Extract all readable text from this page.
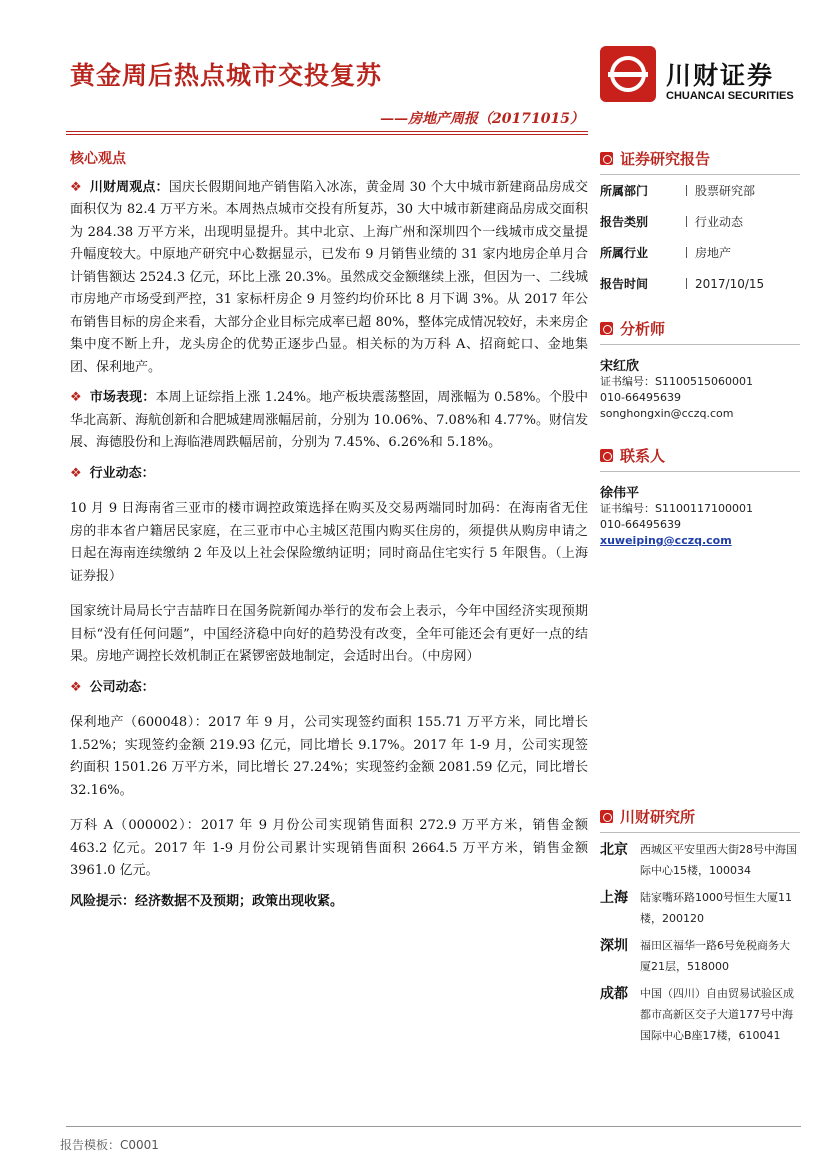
黄金周后热点城市交投复苏
——房地产周报（20171015）
川财证券
CHUANCAI SECURITIES
核心观点
❖ 川财周观点：国庆长假期间地产销售陷入冰冻，黄金周 30 个大中城市新建商品房成交面积仅为 82.4 万平方米。本周热点城市交投有所复苏，30 大中城市新建商品房成交面积为 284.38 万平方米，出现明显提升。其中北京、上海广州和深圳四个一线城市成交量提升幅度较大。中原地产研究中心数据显示，已发布 9 月销售业绩的 31 家内地房企单月合计销售额达 2524.3 亿元，环比上涨 20.3%。虽然成交金额继续上涨，但因为一、二线城市房地产市场受到严控，31 家标杆房企 9 月签约均价环比 8 月下调 3%。从 2017 年公布销售目标的房企来看，大部分企业目标完成率已超 80%，整体完成情况较好，未来房企集中度不断上升，龙头房企的优势正逐步凸显。相关标的为万科 A、招商蛇口、金地集团、保利地产。
❖ 市场表现：本周上证综指上涨 1.24%。地产板块震荡整固，周涨幅为 0.58%。个股中华北高新、海航创新和合肥城建周涨幅居前，分别为 10.06%、7.08%和 4.77%。财信发展、海德股份和上海临港周跌幅居前，分别为 7.45%、6.26%和 5.18%。
❖ 行业动态：
10 月 9 日海南省三亚市的楼市调控政策选择在购买及交易两端同时加码：在海南省无住房的非本省户籍居民家庭，在三亚市中心主城区范围内购买住房的，须提供从购房申请之日起在海南连续缴纳 2 年及以上社会保险缴纳证明；同时商品住宅实行 5 年限售。（上海证券报）
国家统计局局长宁吉喆昨日在国务院新闻办举行的发布会上表示，今年中国经济实现预期目标“没有任何问题”，中国经济稳中向好的趋势没有改变，全年可能还会有更好一点的结果。房地产调控长效机制正在紧锣密鼓地制定，会适时出台。（中房网）
❖ 公司动态：
保利地产（600048）：2017 年 9 月，公司实现签约面积 155.71 万平方米，同比增长 1.52%；实现签约金额 219.93 亿元，同比增长 9.17%。2017 年 1-9 月，公司实现签约面积 1501.26 万平方米，同比增长 27.24%；实现签约金额 2081.59 亿元，同比增长 32.16%。
万科 A（000002）：2017 年 9 月份公司实现销售面积 272.9 万平方米，销售金额 463.2 亿元。2017 年 1-9 月份公司累计实现销售面积 2664.5 万平方米，销售金额 3961.0 亿元。
风险提示：经济数据不及预期；政策出现收紧。
证券研究报告
所属部门	股票研究部
报告类别	行业动态
所属行业	房地产
报告时间	2017/10/15
分析师
宋红欣
证书编号：S1100515060001
010-66495639
songhongxin@cczq.com
联系人
徐伟平
证书编号：S1100117100001
010-66495639
xuweiping@cczq.com
川财研究所
北京	西城区平安里西大街28号中海国际中心15楼，100034
上海	陆家嘴环路1000号恒生大厦11楼，200120
深圳	福田区福华一路6号免税商务大厦21层，518000
成都	中国（四川）自由贸易试验区成都市高新区交子大道177号中海国际中心B座17楼，610041
报告模板：C0001
